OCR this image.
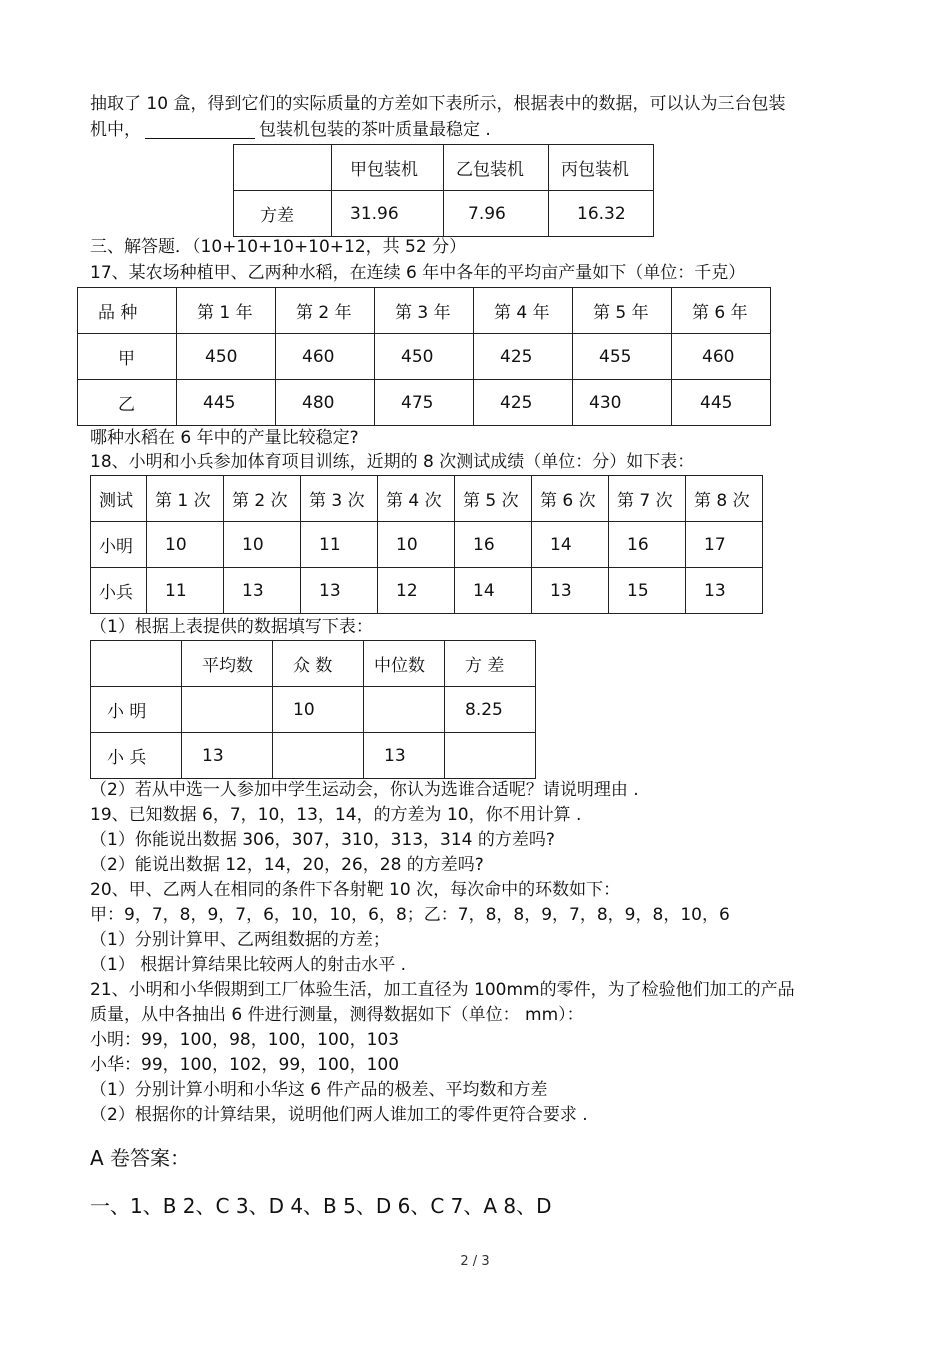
抽取了 10 盒，得到它们的实际质量的方差如下表所示，根据表中的数据，可以认为三台包装
机中，	包装机包装的茶叶质量最稳定 .
	甲包装机	乙包装机	丙包装机
方差	31.96	7.96	16.32
三、解答题．（10+10+10+10+12，共 52 分）
17、某农场种植甲、乙两种水稻，在连续 6 年中各年的平均亩产量如下（单位：千克）
品 种	第 1 年	第 2 年	第 3 年	第 4 年	第 5 年	第 6 年
甲	450	460	450	425	455	460
乙	445	480	475	425	430	445
哪种水稻在 6 年中的产量比较稳定?
18、小明和小兵参加体育项目训练，近期的 8 次测试成绩（单位：分）如下表：
测试	第 1 次	第 2 次	第 3 次	第 4 次	第 5 次	第 6 次	第 7 次	第 8 次
小明	10	10	11	10	16	14	16	17
小兵	11	13	13	12	14	13	15	13
（1）根据上表提供的数据填写下表：
	平均数	众 数	中位数	方 差
小 明		10		8.25
小 兵	13		13	
（2）若从中选一人参加中学生运动会，你认为选谁合适呢？请说明理由 .
19、已知数据 6，7，10，13，14，的方差为 10，你不用计算 .
（1）你能说出数据 306，307，310，313，314 的方差吗?
（2）能说出数据 12，14，20，26，28 的方差吗?
20、甲、乙两人在相同的条件下各射靶 10 次，每次命中的环数如下：
甲：9，7，8，9，7，6，10，10，6，8；乙：7，8，8，9，7，8，9，8，10，6
（1）分别计算甲、乙两组数据的方差；
（1） 根据计算结果比较两人的射击水平 .
21、小明和小华假期到工厂体验生活，加工直径为 100mm的零件，为了检验他们加工的产品
质量，从中各抽出 6 件进行测量，测得数据如下（单位： mm）：
小明：99，100，98，100，100，103
小华：99，100，102，99，100，100
（1）分别计算小明和小华这 6 件产品的极差、平均数和方差
（2）根据你的计算结果，说明他们两人谁加工的零件更符合要求 .
A 卷答案：
一、1、B 2、C 3、D 4、B 5、D 6、C 7、A 8、D
2 / 3
